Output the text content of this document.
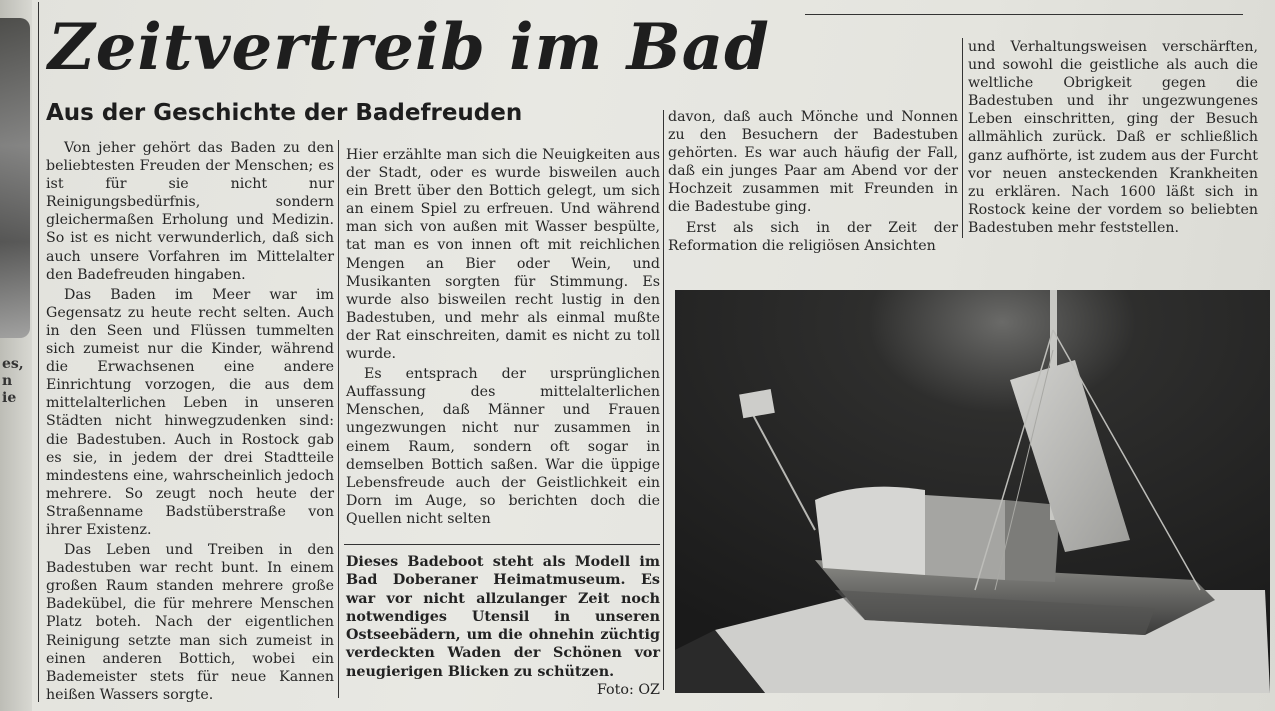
es,
n
ie
Zeitvertreib im Bad
Aus der Geschichte der Badefreuden

Von jeher gehört das Baden zu den beliebtesten Freuden der Menschen; es ist für sie nicht nur Reinigungsbedürfnis, sondern gleichermaßen Erholung und Medizin. So ist es nicht verwunderlich, daß sich auch unsere Vorfahren im Mittelalter den Badefreuden hingaben.

Das Baden im Meer war im Gegensatz zu heute recht selten. Auch in den Seen und Flüssen tummelten sich zumeist nur die Kinder, während die Erwachsenen eine andere Einrichtung vorzogen, die aus dem mittelalterlichen Leben in unseren Städten nicht hinwegzudenken sind: die Badestuben. Auch in Rostock gab es sie, in jedem der drei Stadtteile mindestens eine, wahrscheinlich jedoch mehrere. So zeugt noch heute der Straßenname Badstüberstraße von ihrer Existenz.

Das Leben und Treiben in den Badestuben war recht bunt. In einem großen Raum standen mehrere große Badekübel, die für mehrere Menschen Platz boteh. Nach der eigentlichen Reinigung setzte man sich zumeist in einen anderen Bottich, wobei ein Bademeister stets für neue Kannen heißen Wassers sorgte.

Hier erzählte man sich die Neuigkeiten aus der Stadt, oder es wurde bisweilen auch ein Brett über den Bottich gelegt, um sich an einem Spiel zu erfreuen. Und während man sich von außen mit Wasser bespülte, tat man es von innen oft mit reichlichen Mengen an Bier oder Wein, und Musikanten sorgten für Stimmung. Es wurde also bisweilen recht lustig in den Badestuben, und mehr als einmal mußte der Rat einschreiten, damit es nicht zu toll wurde.

Es entsprach der ursprünglichen Auffassung des mittelalterlichen Menschen, daß Männer und Frauen ungezwungen nicht nur zusammen in einem Raum, sondern oft sogar in demselben Bottich saßen. War die üppige Lebensfreude auch der Geistlichkeit ein Dorn im Auge, so berichten doch die Quellen nicht selten

davon, daß auch Mönche und Nonnen zu den Besuchern der Badestuben gehörten. Es war auch häufig der Fall, daß ein junges Paar am Abend vor der Hochzeit zusammen mit Freunden in die Badestube ging.

Erst als sich in der Zeit der Reformation die religiösen Ansichten

und Verhaltungsweisen verschärften, und sowohl die geistliche als auch die weltliche Obrigkeit gegen die Badestuben und ihr ungezwungenes Leben einschritten, ging der Besuch allmählich zurück. Daß er schließlich ganz aufhörte, ist zudem aus der Furcht vor neuen ansteckenden Krankheiten zu erklären. Nach 1600 läßt sich in Rostock keine der vordem so beliebten Badestuben mehr feststellen.

Dieses Badeboot steht als Modell im Bad Doberaner Heimatmuseum. Es war vor nicht allzulanger Zeit noch notwendiges Utensil in unseren Ostseebädern, um die ohnehin züchtig verdeckten Waden der Schönen vor neugierigen Blicken zu schützen.
Foto: OZ
